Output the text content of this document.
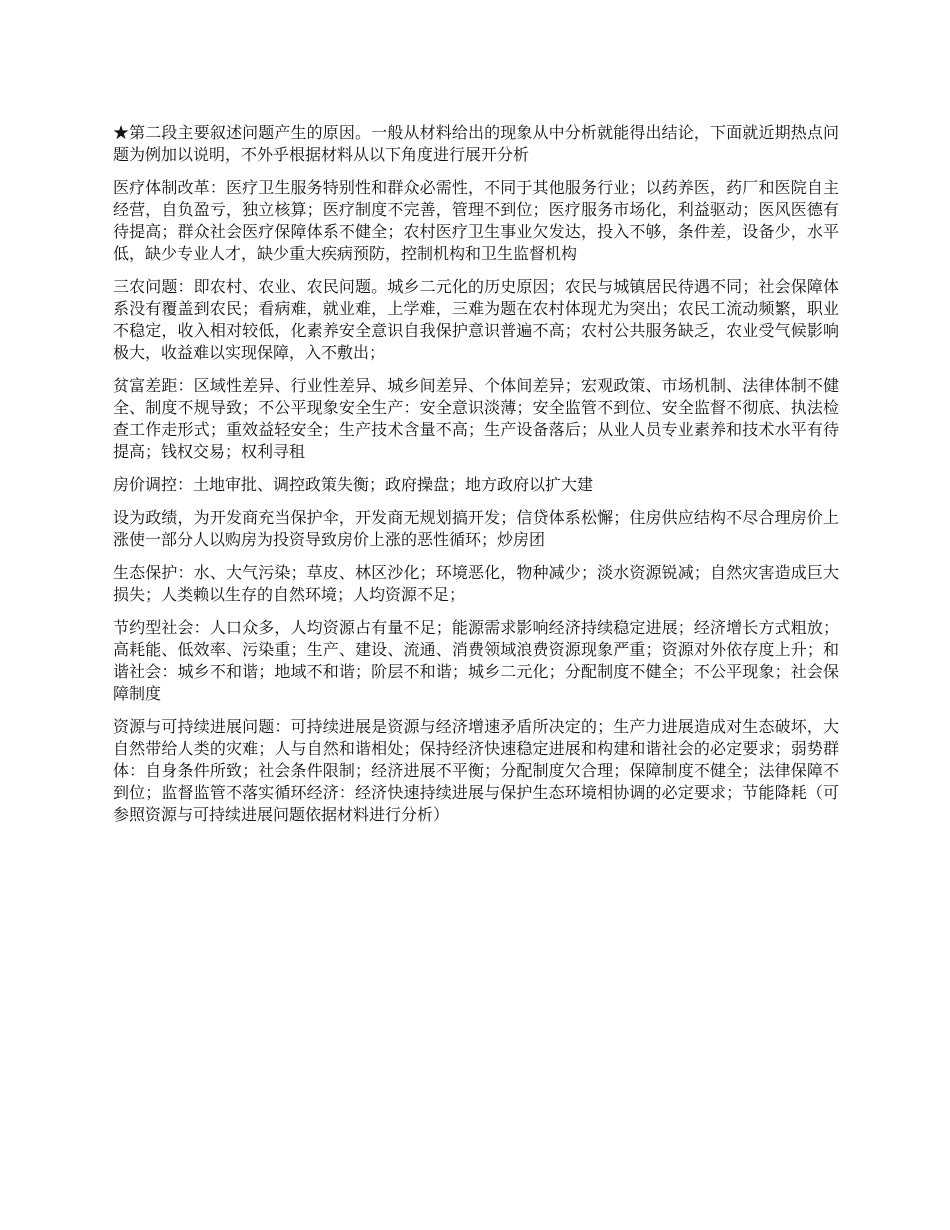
★第二段主要叙述问题产生的原因。一般从材料给出的现象从中分析就能得出结论，下面就近期热点问题为例加以说明，不外乎根据材料从以下角度进行展开分析

医疗体制改革：医疗卫生服务特别性和群众必需性，不同于其他服务行业；以药养医，药厂和医院自主经营，自负盈亏，独立核算；医疗制度不完善，管理不到位；医疗服务市场化，利益驱动；医风医德有待提高；群众社会医疗保障体系不健全；农村医疗卫生事业欠发达，投入不够，条件差，设备少，水平低，缺少专业人才，缺少重大疾病预防，控制机构和卫生监督机构

三农问题：即农村、农业、农民问题。城乡二元化的历史原因；农民与城镇居民待遇不同；社会保障体系没有覆盖到农民；看病难，就业难，上学难，三难为题在农村体现尤为突出；农民工流动频繁，职业不稳定，收入相对较低，化素养安全意识自我保护意识普遍不高；农村公共服务缺乏，农业受气候影响极大，收益难以实现保障，入不敷出；

贫富差距：区域性差异、行业性差异、城乡间差异、个体间差异；宏观政策、市场机制、法律体制不健全、制度不规导致；不公平现象安全生产：安全意识淡薄；安全监管不到位、安全监督不彻底、执法检查工作走形式；重效益轻安全；生产技术含量不高；生产设备落后；从业人员专业素养和技术水平有待提高；钱权交易；权利寻租

房价调控：土地审批、调控政策失衡；政府操盘；地方政府以扩大建

设为政绩，为开发商充当保护伞，开发商无规划搞开发；信贷体系松懈；住房供应结构不尽合理房价上涨使一部分人以购房为投资导致房价上涨的恶性循环；炒房团

生态保护：水、大气污染；草皮、林区沙化；环境恶化，物种减少；淡水资源锐减；自然灾害造成巨大损失；人类赖以生存的自然环境；人均资源不足；

节约型社会：人口众多，人均资源占有量不足；能源需求影响经济持续稳定进展；经济增长方式粗放；高耗能、低效率、污染重；生产、建设、流通、消费领域浪费资源现象严重；资源对外依存度上升；和谐社会：城乡不和谐；地域不和谐；阶层不和谐；城乡二元化；分配制度不健全；不公平现象；社会保障制度

资源与可持续进展问题：可持续进展是资源与经济增速矛盾所决定的；生产力进展造成对生态破坏，大自然带给人类的灾难；人与自然和谐相处；保持经济快速稳定进展和构建和谐社会的必定要求；弱势群体：自身条件所致；社会条件限制；经济进展不平衡；分配制度欠合理；保障制度不健全；法律保障不到位；监督监管不落实循环经济：经济快速持续进展与保护生态环境相协调的必定要求；节能降耗（可参照资源与可持续进展问题依据材料进行分析）
